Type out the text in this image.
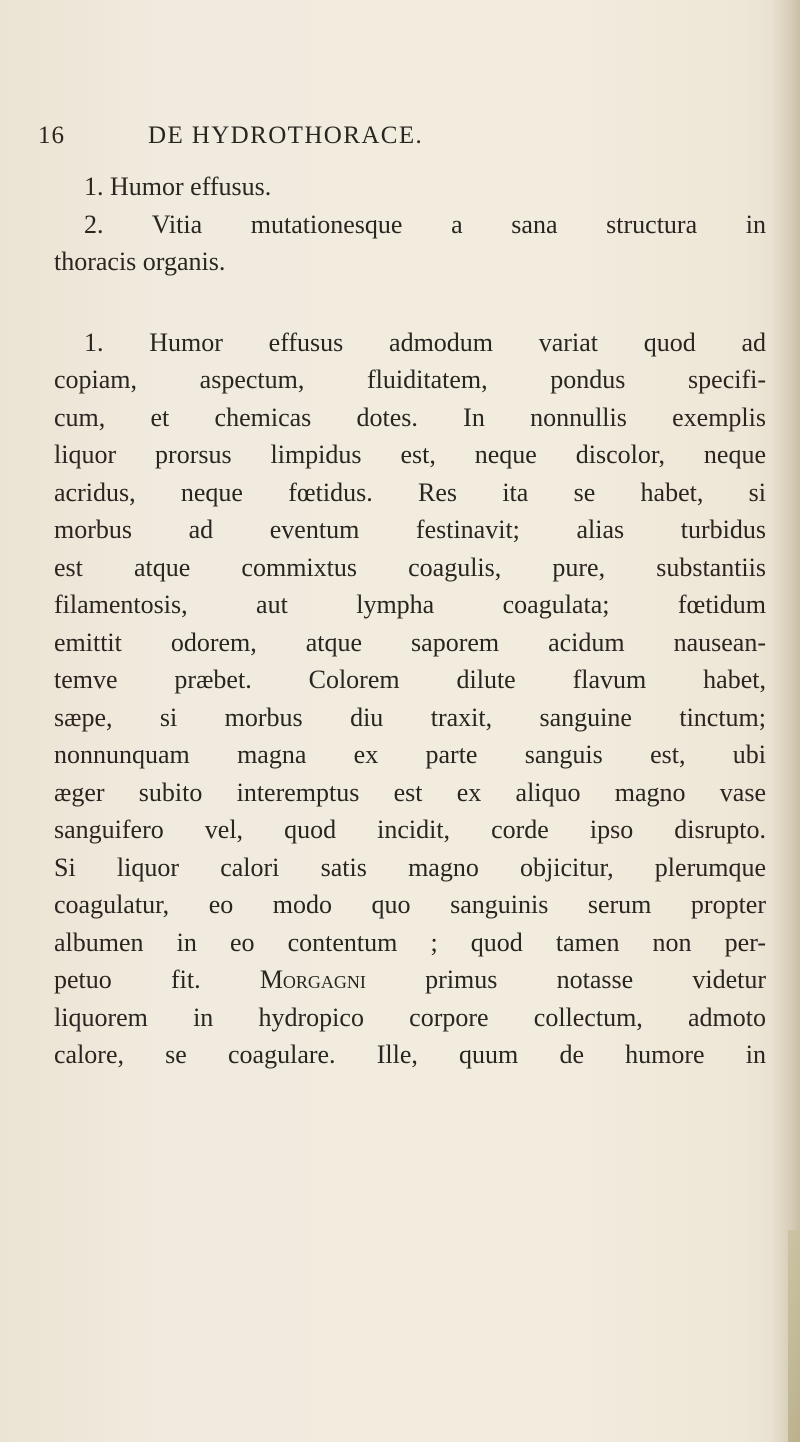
16	DE HYDROTHORACE.
1. Humor effusus.
2. Vitia mutationesque a sana structura in
thoracis organis.
1. Humor effusus admodum variat quod ad
copiam, aspectum, fluiditatem, pondus specifi-
cum, et chemicas dotes. In nonnullis exemplis
liquor prorsus limpidus est, neque discolor, neque
acridus, neque fœtidus. Res ita se habet, si
morbus ad eventum festinavit; alias turbidus
est atque commixtus coagulis, pure, substantiis
filamentosis, aut lympha coagulata; fœtidum
emittit odorem, atque saporem acidum nausean-
temve præbet. Colorem dilute flavum habet,
sæpe, si morbus diu traxit, sanguine tinctum;
nonnunquam magna ex parte sanguis est, ubi
æger subito interemptus est ex aliquo magno vase
sanguifero vel, quod incidit, corde ipso disrupto.
Si liquor calori satis magno objicitur, plerumque
coagulatur, eo modo quo sanguinis serum propter
albumen in eo contentum ; quod tamen non per-
petuo fit. Morgagni primus notasse videtur
liquorem in hydropico corpore collectum, admoto
calore, se coagulare. Ille, quum de humore in
